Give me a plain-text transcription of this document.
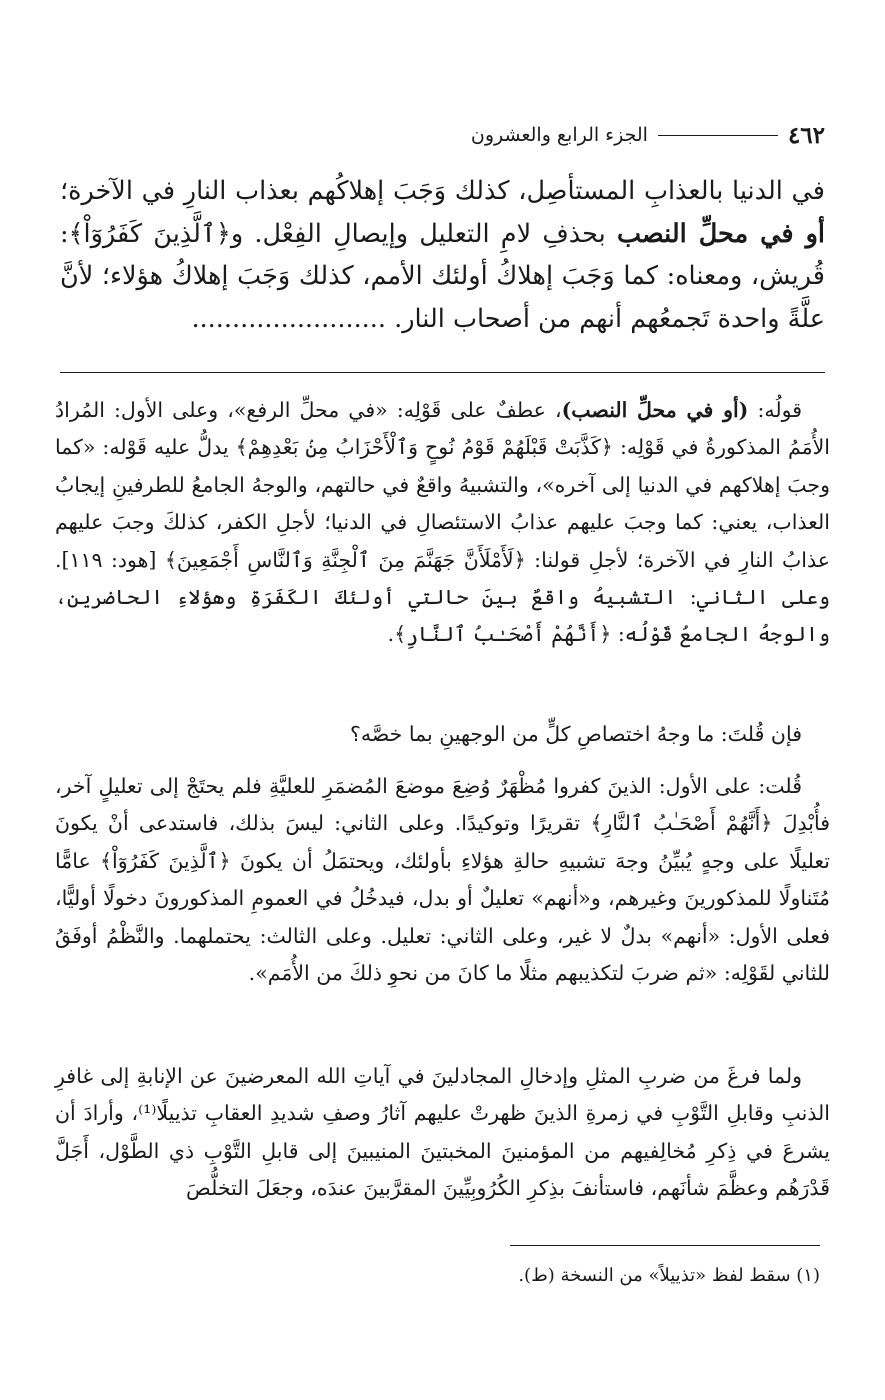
٤٦٢
الجزء الرابع والعشرون
في الدنيا بالعذابِ المستأصِل، كذلك وَجَبَ إهلاكُهم بعذاب النارِ في الآخرة؛ أو في محلِّ النصب بحذفِ لامِ التعليل وإيصالِ الفِعْل. و﴿ٱلَّذِينَ كَفَرُوٓاْ﴾: قُريش، ومعناه: كما وَجَبَ إهلاكُ أولئك الأمم، كذلك وَجَبَ إهلاكُ هؤلاء؛ لأنَّ علَّةً واحدة تَجمعُهم أنهم من أصحاب النار. ........................

قولُه: (أو في محلِّ النصب)، عطفٌ على قَوْلِه: «في محلِّ الرفع»، وعلى الأول: المُرادُ الأُمَمُ المذكورةُ في قَوْلِه: ﴿كَذَّبَتْ قَبْلَهُمْ قَوْمُ نُوحٍ وَٱلْأَحْزَابُ مِنۢ بَعْدِهِمْ﴾ يدلُّ عليه قَوْله: «كما وجبَ إهلاكهم في الدنيا إلى آخره»، والتشبيهُ واقعٌ في حالتهم، والوجهُ الجامعُ للطرفينِ إيجابُ العذاب، يعني: كما وجبَ عليهم عذابُ الاستئصالِ في الدنيا؛ لأجلِ الكفر، كذلكَ وجبَ عليهم عذابُ النارِ في الآخرة؛ لأجلِ قولنا: ﴿لَأَمْلَأَنَّ جَهَنَّمَ مِنَ ٱلْجِنَّةِ وَٱلنَّاسِ أَجْمَعِينَ﴾ [هود: ١١٩]. وعلى الثاني: التشبيهُ واقعٌ بينَ حالتي أولئكَ الكَفَرَةِ وهؤلاءِ الحاضرين، والوجهُ الجامعُ قَوْلُه: ﴿أَنَّهُمْ أَصْحَـٰبُ ٱلنَّارِ﴾.

فإن قُلتَ: ما وجهُ اختصاصِ كلٍّ من الوجهينِ بما خصَّه؟

قُلت: على الأول: الذينَ كفروا مُظْهَرٌ وُضِعَ موضعَ المُضمَرِ للعليَّةِ فلم يحتَجْ إلى تعليلٍ آخر، فأُبْدِلَ ﴿أَنَّهُمْ أَصْحَـٰبُ ٱلنَّارِ﴾ تقريرًا وتوكيدًا. وعلى الثاني: ليسَ بذلك، فاستدعى أنْ يكونَ تعليلًا على وجهٍ يُبيِّنُ وجهَ تشبيهِ حالةِ هؤلاءِ بأولئك، ويحتمَلُ أن يكونَ ﴿ٱلَّذِينَ كَفَرُوٓاْ﴾ عامًّا مُتَناولًا للمذكورينَ وغيرهم، و«أنهم» تعليلٌ أو بدل، فيدخُلُ في العمومِ المذكورونَ دخولًا أوليًّا، فعلى الأول: «أنهم» بدلٌ لا غير، وعلى الثاني: تعليل. وعلى الثالث: يحتملهما. والنَّظْمُ أوفَقُ للثاني لقَوْلِه: «ثم ضربَ لتكذيبهم مثلًا ما كانَ من نحوِ ذلكَ من الأُمَم».

ولما فرغَ من ضربِ المثلِ وإدخالِ المجادلينَ في آياتِ الله المعرضينَ عن الإنابةِ إلى غافرِ الذنبِ وقابلِ التَّوْبِ في زمرةِ الذينَ ظهرتْ عليهم آثارُ وصفِ شديدِ العقابِ تذييلًا⁽¹⁾، وأرادَ أن يشرعَ في ذِكرِ مُخالِفيهم من المؤمنينَ المخبتينَ المنيبينَ إلى قابلِ التَّوْبِ ذي الطَّوْل، أَجَلَّ قَدْرَهُم وعظَّمَ شأنَهم، فاستأنفَ بذِكرِ الكُرُوبِيِّينَ المقرَّبينَ عندَه، وجعَلَ التخلُّصَ

(١) سقط لفظ «تذييلاً» من النسخة (ط).
